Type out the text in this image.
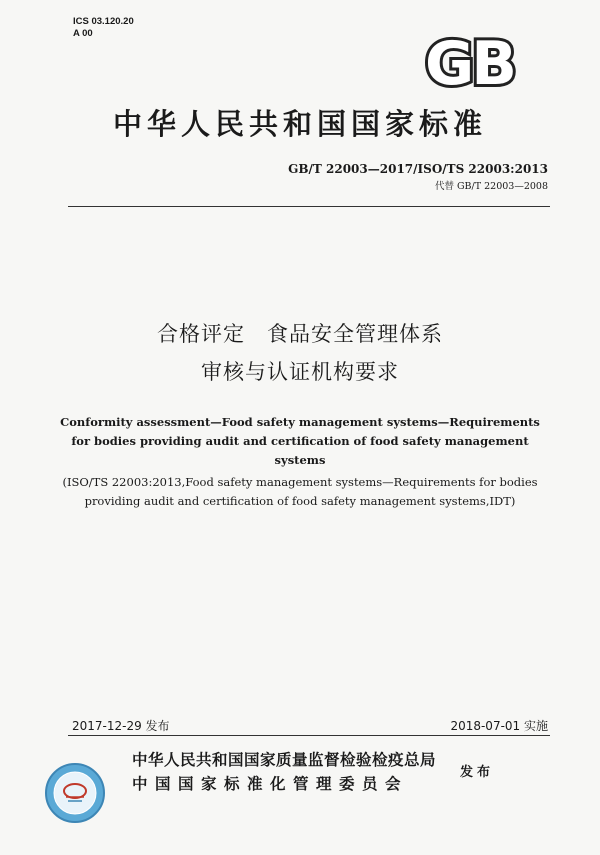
ICS 03.120.20
A 00	GB
中华人民共和国国家标准
GB/T 22003—2017/ISO/TS 22003:2013
代替 GB/T 22003—2008
合格评定　食品安全管理体系
审核与认证机构要求
Conformity assessment—Food safety management systems—Requirements for bodies providing audit and certification of food safety management systems
(ISO/TS 22003:2013,Food safety management systems—Requirements for bodies providing audit and certification of food safety management systems,IDT)
2017-12-29 发布	2018-07-01 实施
中华人民共和国国家质量监督检验检疫总局
中国国家标准化管理委员会
发布
